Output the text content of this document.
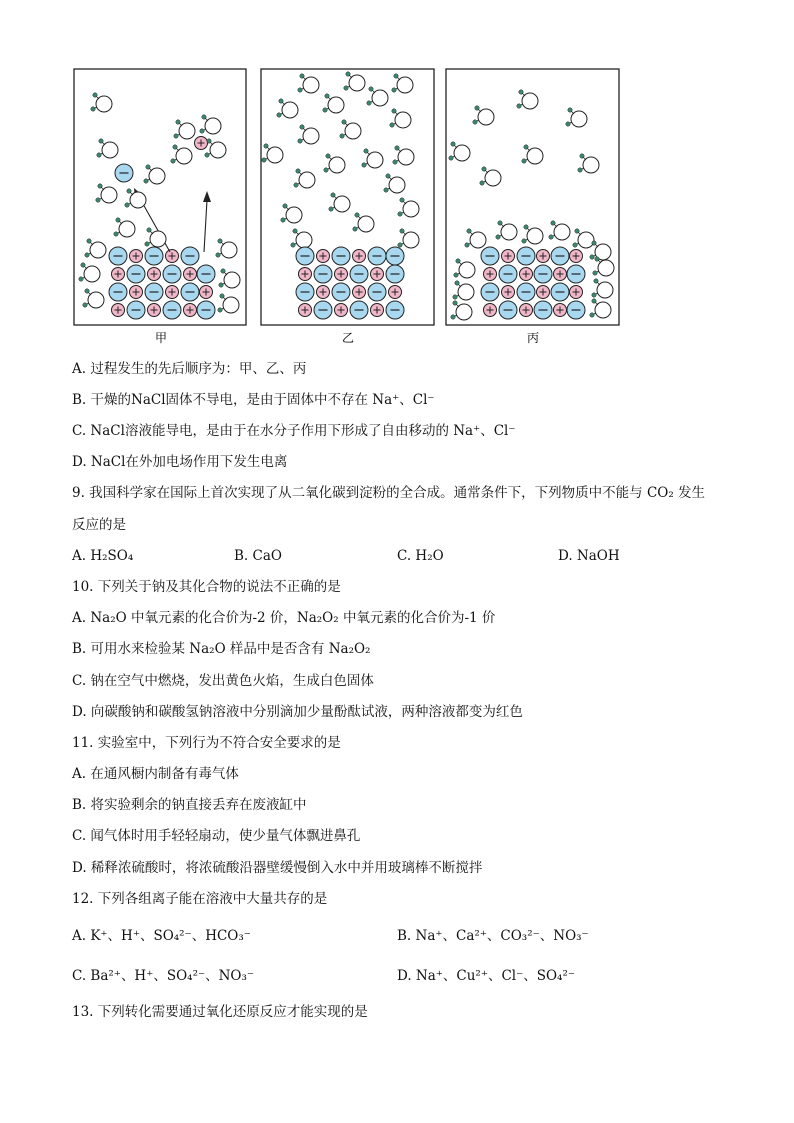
甲	乙	丙
A. 过程发生的先后顺序为：甲、乙、丙
B. 干燥的NaCl固体不导电，是由于固体中不存在 Na⁺、Cl⁻
C. NaCl溶液能导电，是由于在水分子作用下形成了自由移动的 Na⁺、Cl⁻
D. NaCl在外加电场作用下发生电离
9. 我国科学家在国际上首次实现了从二氧化碳到淀粉的全合成。通常条件下，下列物质中不能与 CO₂ 发生
反应的是
A. H₂SO₄	B. CaO	C. H₂O	D. NaOH
10. 下列关于钠及其化合物的说法不正确的是
A. Na₂O 中氧元素的化合价为-2 价，Na₂O₂ 中氧元素的化合价为-1 价
B. 可用水来检验某 Na₂O 样品中是否含有 Na₂O₂
C. 钠在空气中燃烧，发出黄色火焰，生成白色固体
D. 向碳酸钠和碳酸氢钠溶液中分别滴加少量酚酞试液，两种溶液都变为红色
11. 实验室中，下列行为不符合安全要求的是
A. 在通风橱内制备有毒气体
B. 将实验剩余的钠直接丢弃在废液缸中
C. 闻气体时用手轻轻扇动，使少量气体飘进鼻孔
D. 稀释浓硫酸时，将浓硫酸沿器壁缓慢倒入水中并用玻璃棒不断搅拌
12. 下列各组离子能在溶液中大量共存的是
A. K⁺、H⁺、SO₄²⁻、HCO₃⁻	B. Na⁺、Ca²⁺、CO₃²⁻、NO₃⁻
C. Ba²⁺、H⁺、SO₄²⁻、NO₃⁻	D. Na⁺、Cu²⁺、Cl⁻、SO₄²⁻
13. 下列转化需要通过氧化还原反应才能实现的是
